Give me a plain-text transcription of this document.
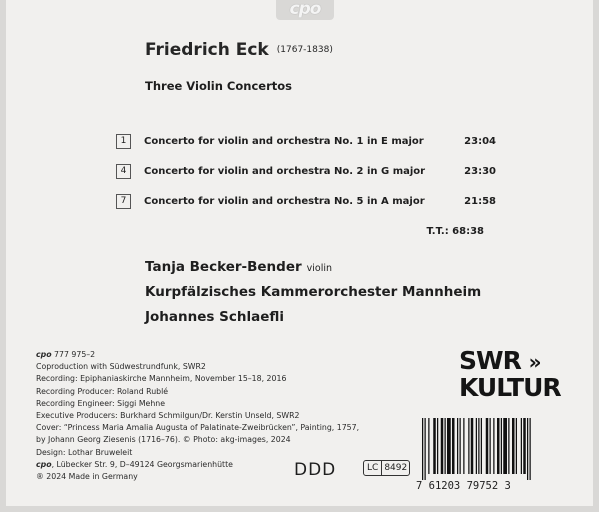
cpo
Friedrich Eck (1767-1838)
Three Violin Concertos
1	Concerto for violin and orchestra No. 1 in E major	23:04
4	Concerto for violin and orchestra No. 2 in G major	23:30
7	Concerto for violin and orchestra No. 5 in A major	21:58
T.T.: 68:38
Tanja Becker-Bender violin
Kurpfälzisches Kammerorchester Mannheim
Johannes Schlaefli
cpo 777 975–2
Coproduction with Südwestrundfunk, SWR2
Recording: Epiphaniaskirche Mannheim, November 15–18, 2016
Recording Producer: Roland Rublé
Recording Engineer: Siggi Mehne
Executive Producers: Burkhard Schmilgun/Dr. Kerstin Unseld, SWR2
Cover: “Princess Maria Amalia Augusta of Palatinate-Zweibrücken”, Painting, 1757,
by Johann Georg Ziesenis (1716–76). © Photo: akg-images, 2024
Design: Lothar Bruweleit
cpo, Lübecker Str. 9, D–49124 Georgsmarienhütte
® 2024 Made in Germany
SWR »
KULTUR
DDD	LC 8492
7 61203 79752 3
